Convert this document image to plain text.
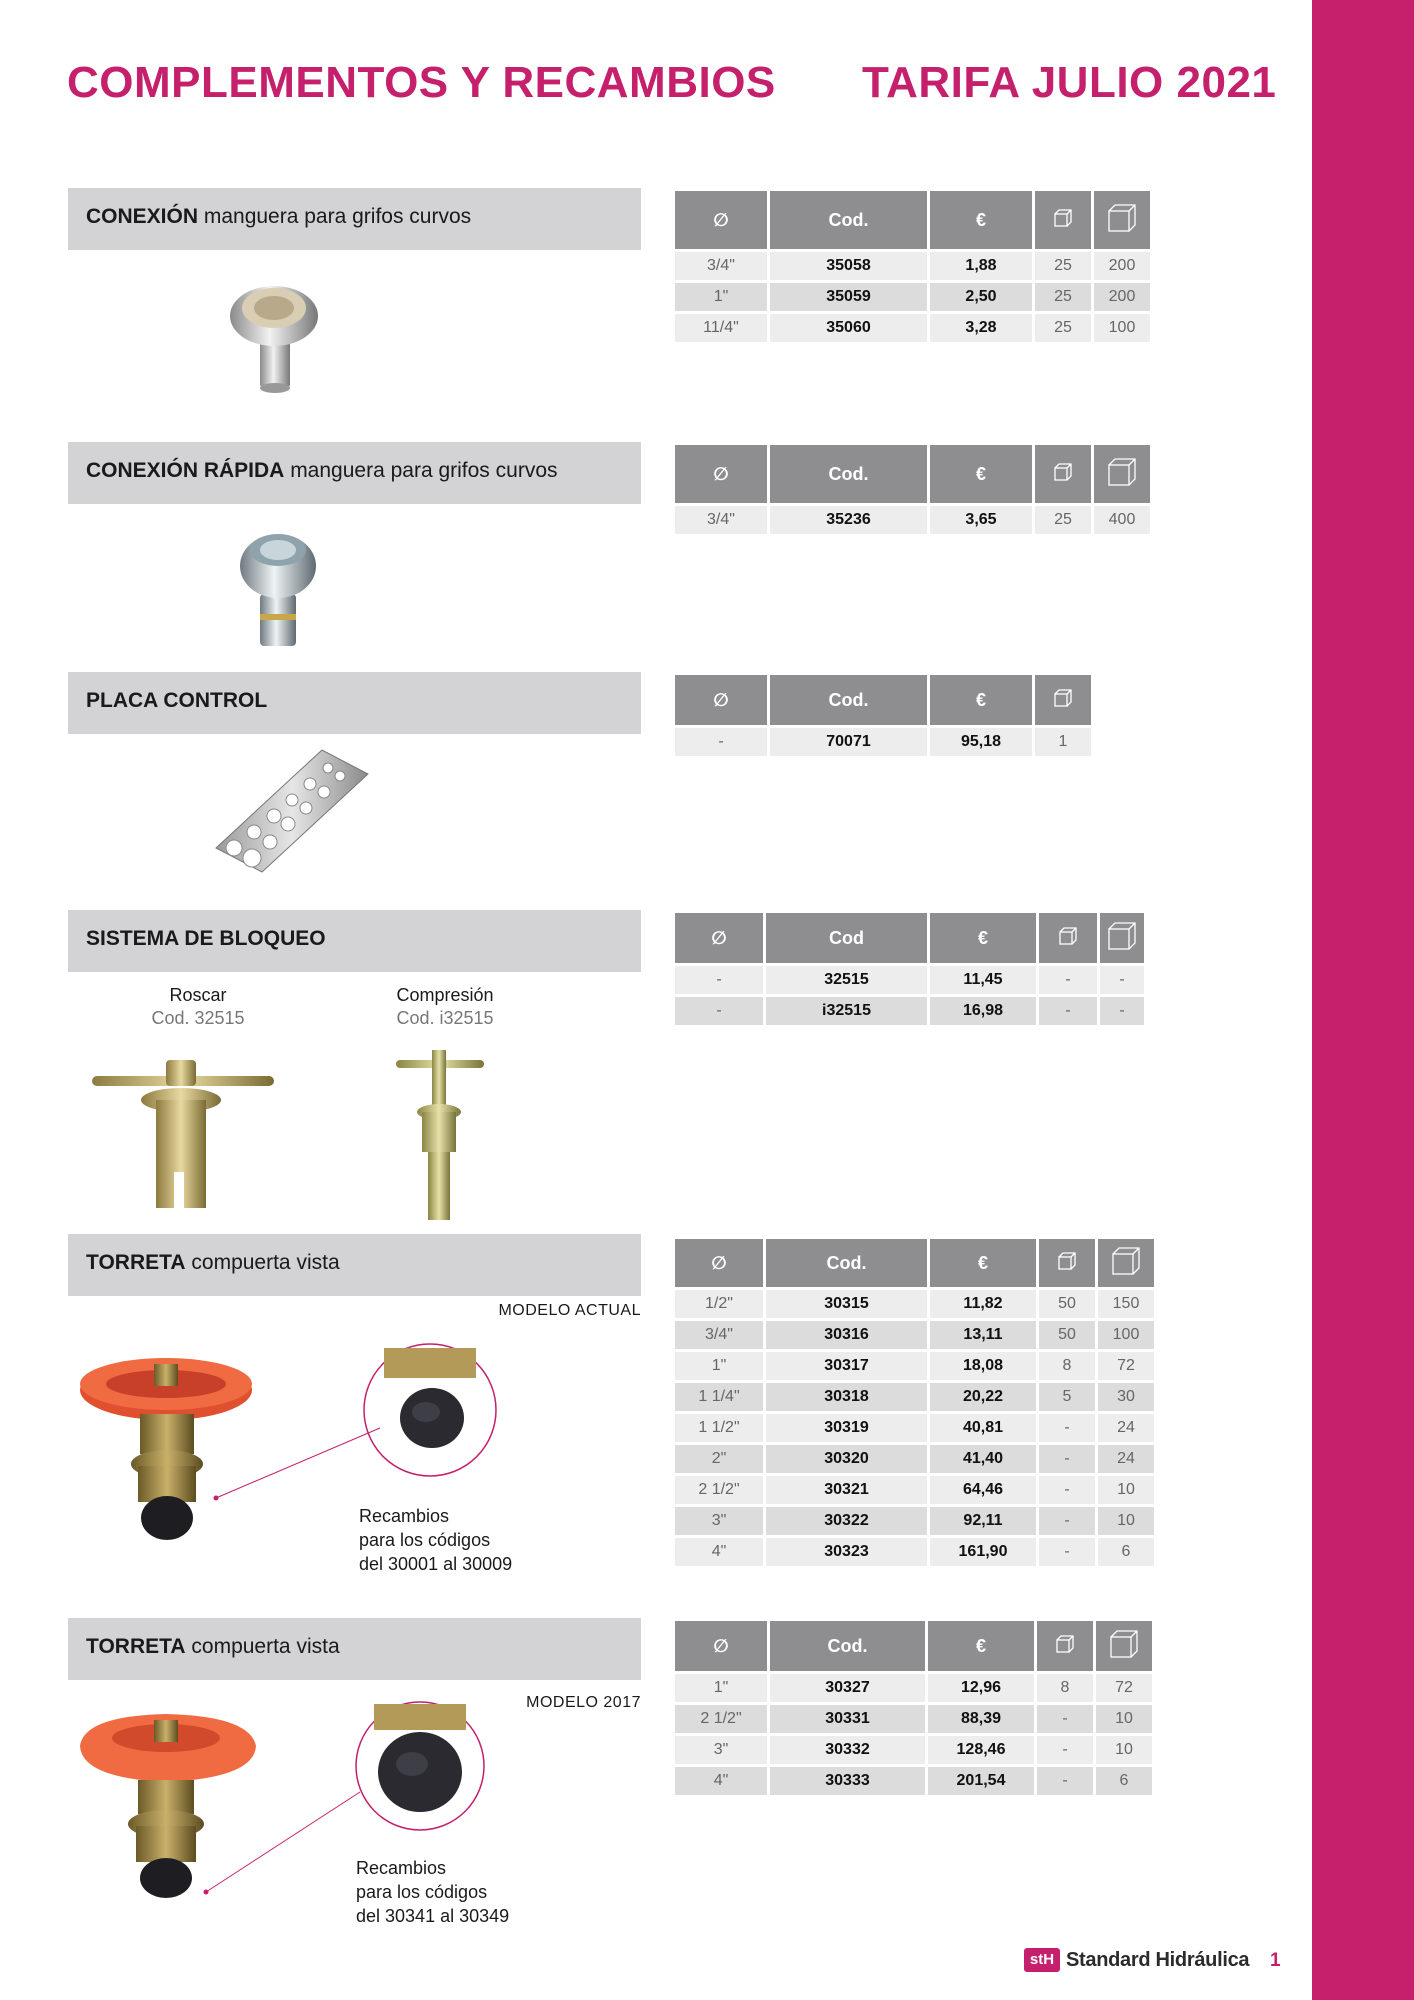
COMPLEMENTOS Y RECAMBIOS TARIFA JULIO 2021
CONEXIÓN manguera para grifos curvos	∅	Cod.	€		
3/4"	35058	1,88	25	200
1"	35059	2,50	25	200
11/4"	35060	3,28	25	100
CONEXIÓN RÁPIDA manguera para grifos curvos	∅	Cod.	€		
3/4"	35236	3,65	25	400
PLACA CONTROL	∅	Cod.	€	
-	70071	95,18	1
SISTEMA DE BLOQUEO
Roscar
Cod. 32515
Compresión
Cod. i32515
∅	Cod	€		
-	32515	11,45	-	-
-	i32515	16,98	-	-
TORRETA compuerta vista
MODELO ACTUAL
Recambios
para los códigos
del 30001 al 30009
∅	Cod.	€		
1/2"	30315	11,82	50	150
3/4"	30316	13,11	50	100
1"	30317	18,08	8	72
1 1/4"	30318	20,22	5	30
1 1/2"	30319	40,81	-	24
2"	30320	41,40	-	24
2 1/2"	30321	64,46	-	10
3"	30322	92,11	-	10
4"	30323	161,90	-	6
TORRETA compuerta vista
MODELO 2017
Recambios
para los códigos
del 30341 al 30349
∅	Cod.	€		
1"	30327	12,96	8	72
2 1/2"	30331	88,39	-	10
3"	30332	128,46	-	10
4"	30333	201,54	-	6
stH Standard Hidráulica 1
